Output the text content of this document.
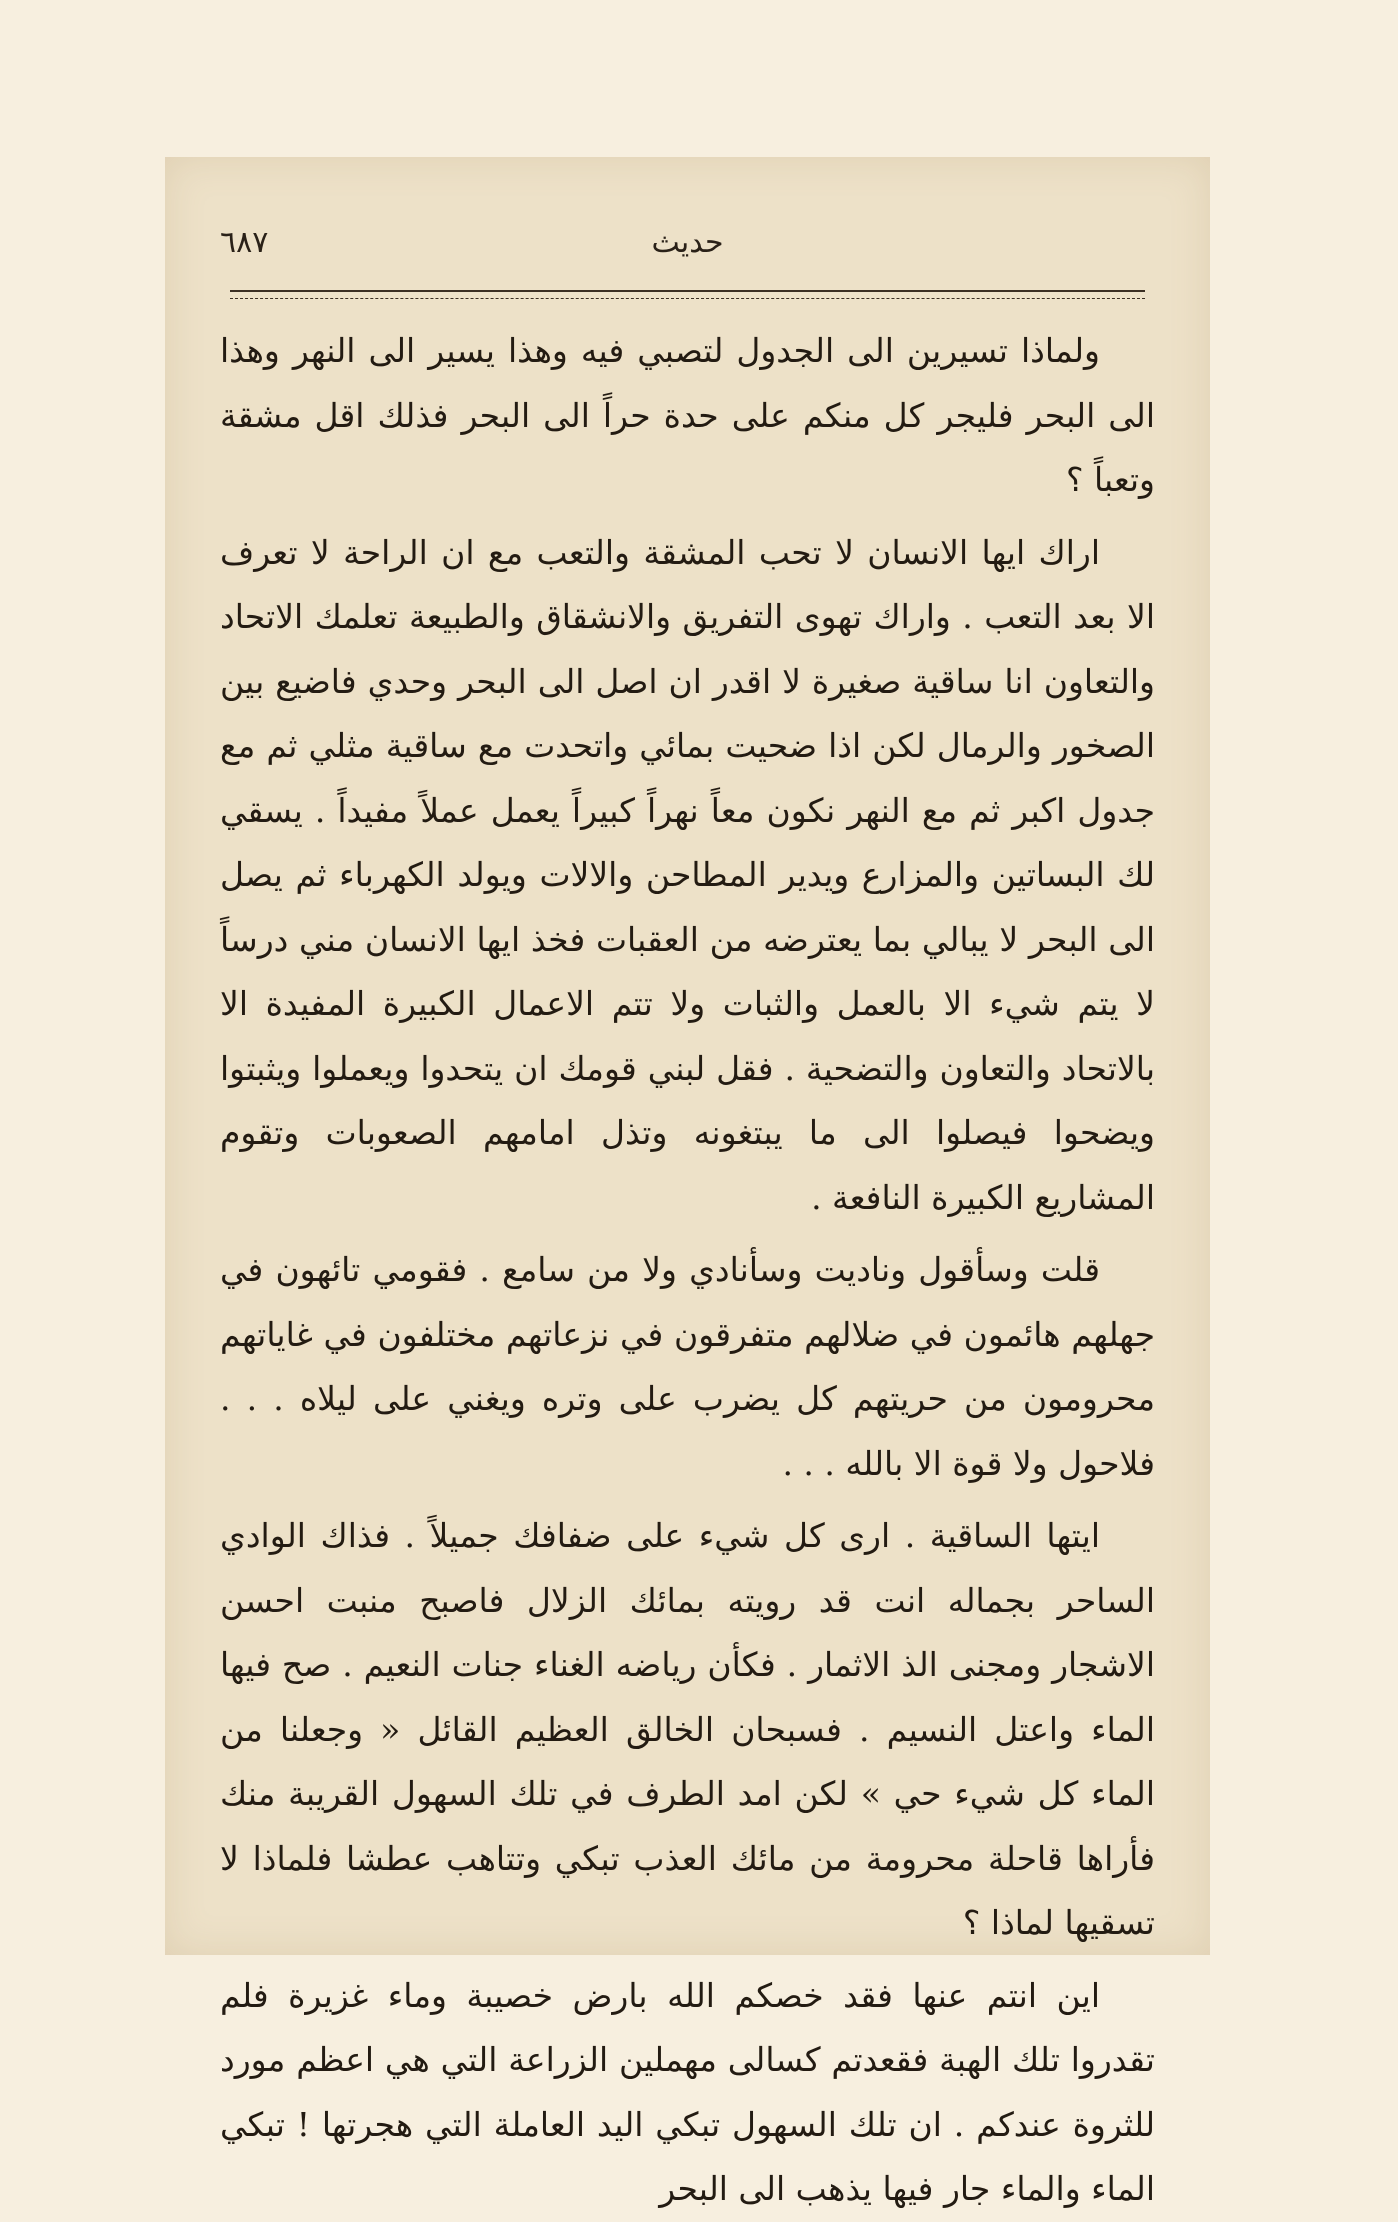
حديث
٦٨٧

ولماذا تسيرين الى الجدول لتصبي فيه وهذا يسير الى النهر وهذا الى البحر فليجر كل منكم على حدة حراً الى البحر فذلك اقل مشقة وتعباً ؟

اراك ايها الانسان لا تحب المشقة والتعب مع ان الراحة لا تعرف الا بعد التعب . واراك تهوى التفريق والانشقاق والطبيعة تعلمك الاتحاد والتعاون انا ساقية صغيرة لا اقدر ان اصل الى البحر وحدي فاضيع بين الصخور والرمال لكن اذا ضحيت بمائي واتحدت مع ساقية مثلي ثم مع جدول اكبر ثم مع النهر نكون معاً نهراً كبيراً يعمل عملاً مفيداً . يسقي لك البساتين والمزارع ويدير المطاحن والالات ويولد الكهرباء ثم يصل الى البحر لا يبالي بما يعترضه من العقبات فخذ ايها الانسان مني درساً لا يتم شيء الا بالعمل والثبات ولا تتم الاعمال الكبيرة المفيدة الا بالاتحاد والتعاون والتضحية . فقل لبني قومك ان يتحدوا ويعملوا ويثبتوا ويضحوا فيصلوا الى ما يبتغونه وتذل امامهم الصعوبات وتقوم المشاريع الكبيرة النافعة .

قلت وسأقول وناديت وسأنادي ولا من سامع . فقومي تائهون في جهلهم هائمون في ضلالهم متفرقون في نزعاتهم مختلفون في غاياتهم محرومون من حريتهم كل يضرب على وتره ويغني على ليلاه . . . فلاحول ولا قوة الا بالله . . .

ايتها الساقية . ارى كل شيء على ضفافك جميلاً . فذاك الوادي الساحر بجماله انت قد رويته بمائك الزلال فاصبح منبت احسن الاشجار ومجنى الذ الاثمار . فكأن رياضه الغناء جنات النعيم . صح فيها الماء واعتل النسيم . فسبحان الخالق العظيم القائل « وجعلنا من الماء كل شيء حي » لكن امد الطرف في تلك السهول القريبة منك فأراها قاحلة محرومة من مائك العذب تبكي وتتاهب عطشا فلماذا لا تسقيها لماذا ؟

اين انتم عنها فقد خصكم الله بارض خصيبة وماء غزيرة فلم تقدروا تلك الهبة فقعدتم كسالى مهملين الزراعة التي هي اعظم مورد للثروة عندكم . ان تلك السهول تبكي اليد العاملة التي هجرتها ! تبكي الماء والماء جار فيها يذهب الى البحر
